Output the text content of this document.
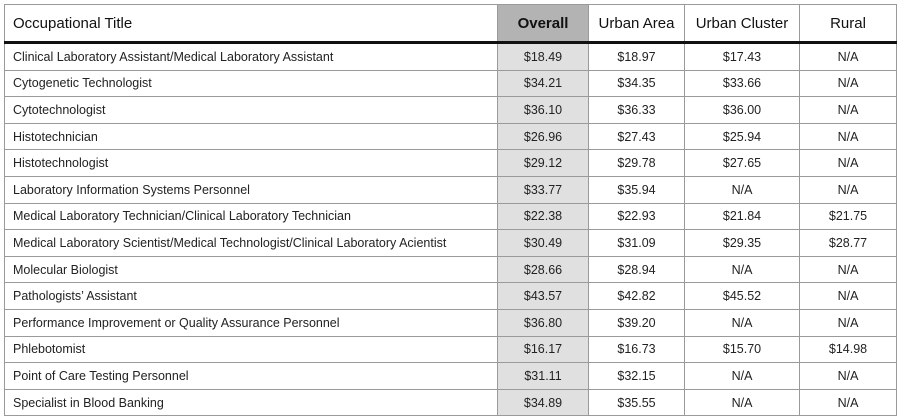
Occupational Title	Overall	Urban Area	Urban Cluster	Rural
Clinical Laboratory Assistant/Medical Laboratory Assistant	$18.49	$18.97	$17.43	N/A
Cytogenetic Technologist	$34.21	$34.35	$33.66	N/A
Cytotechnologist	$36.10	$36.33	$36.00	N/A
Histotechnician	$26.96	$27.43	$25.94	N/A
Histotechnologist	$29.12	$29.78	$27.65	N/A
Laboratory Information Systems Personnel	$33.77	$35.94	N/A	N/A
Medical Laboratory Technician/Clinical Laboratory Technician	$22.38	$22.93	$21.84	$21.75
Medical Laboratory Scientist/Medical Technologist/Clinical Laboratory Acientist	$30.49	$31.09	$29.35	$28.77
Molecular Biologist	$28.66	$28.94	N/A	N/A
Pathologists’ Assistant	$43.57	$42.82	$45.52	N/A
Performance Improvement or Quality Assurance Personnel	$36.80	$39.20	N/A	N/A
Phlebotomist	$16.17	$16.73	$15.70	$14.98
Point of Care Testing Personnel	$31.11	$32.15	N/A	N/A
Specialist in Blood Banking	$34.89	$35.55	N/A	N/A
